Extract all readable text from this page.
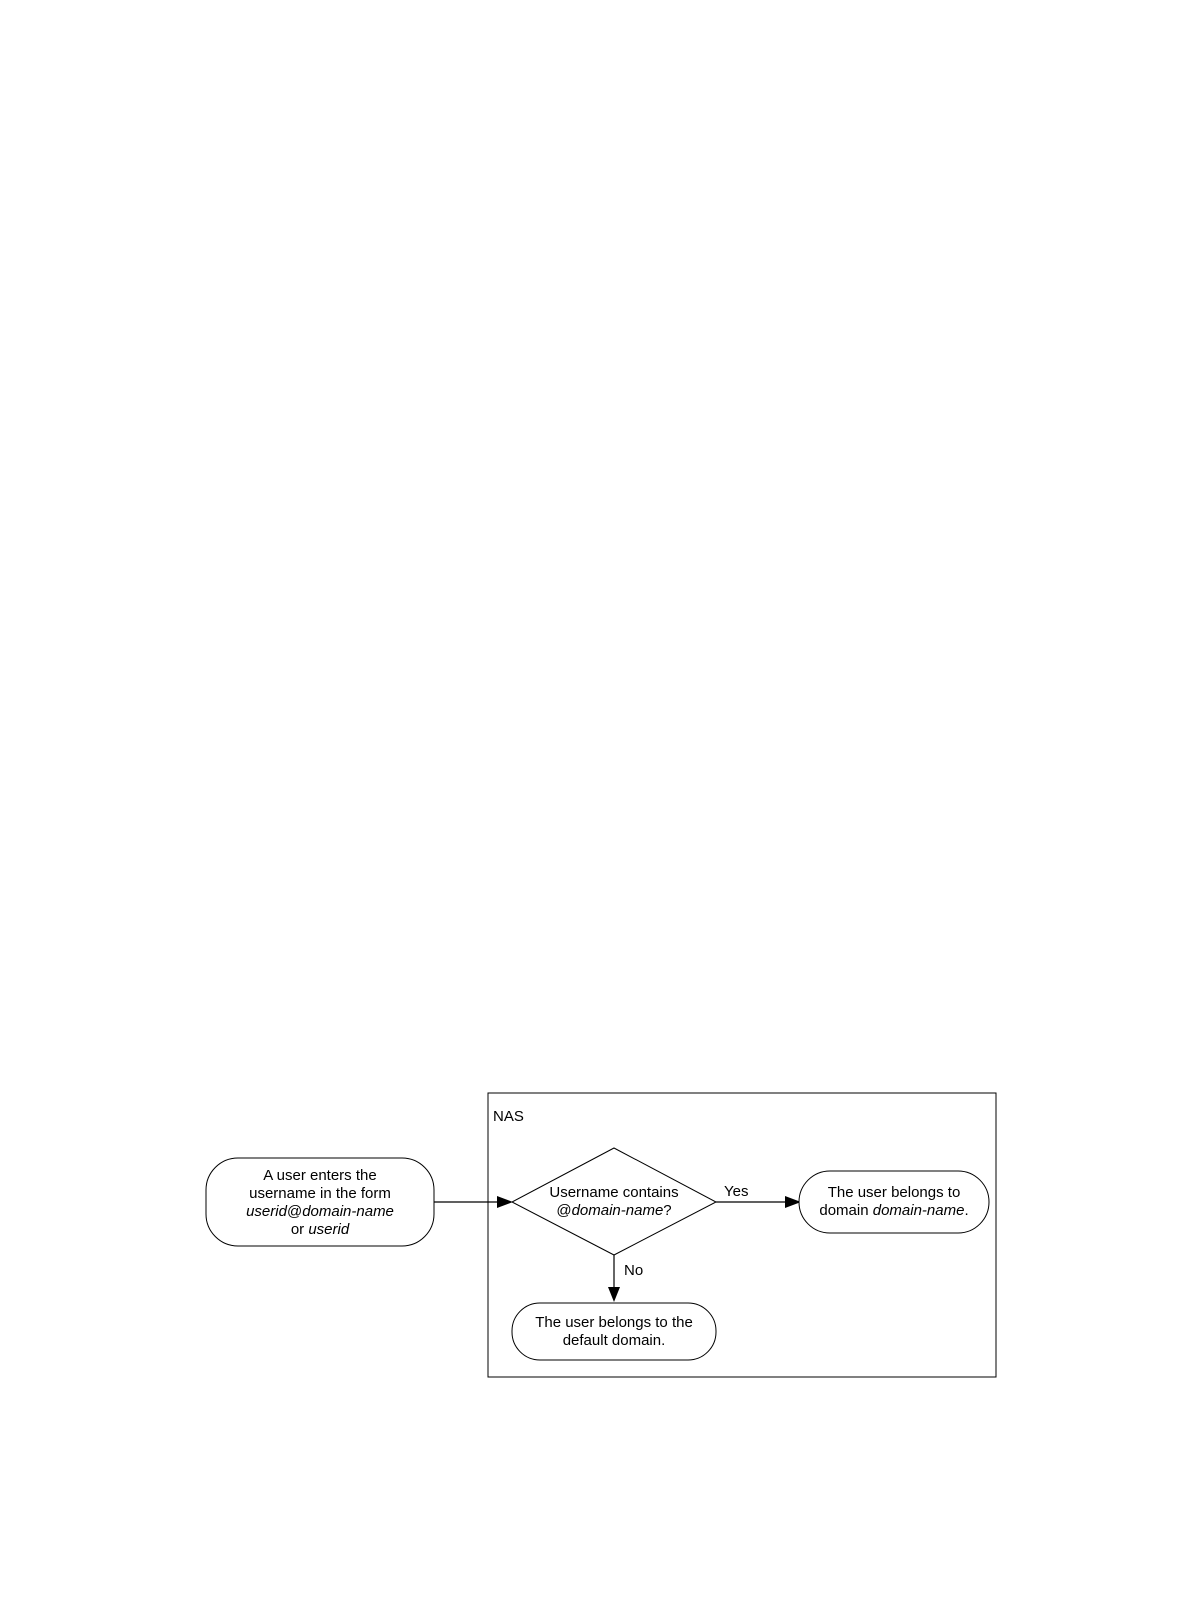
NAS
A user enters the
username in the form
userid@domain-name
or userid
Username contains
@domain-name?
Yes	The user belongs to
domain domain-name.
No
The user belongs to the
default domain.
